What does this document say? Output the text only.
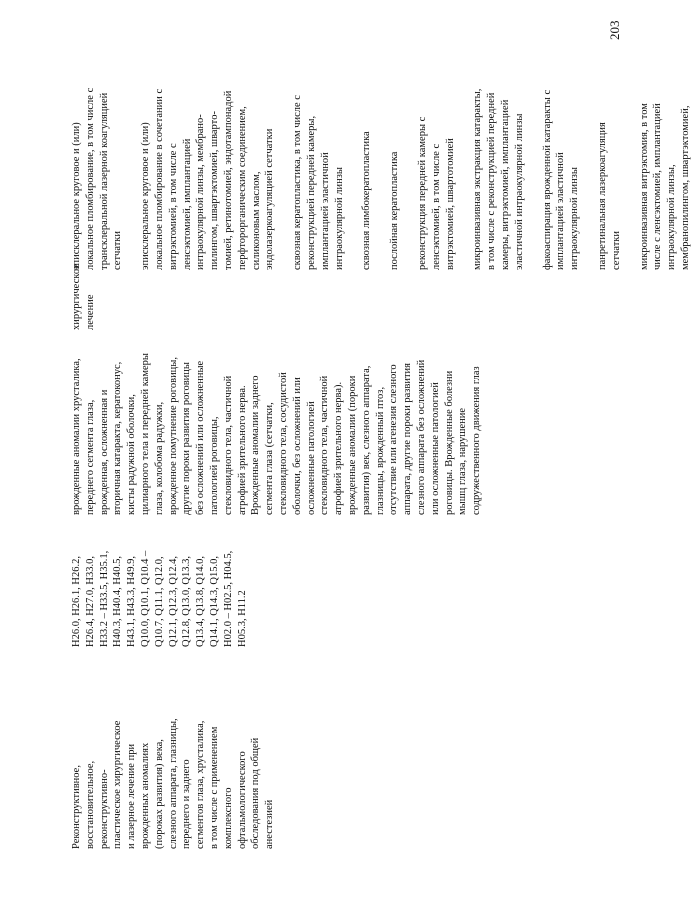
203
Реконструктивное, восстановительное, реконструктивно- пластическое хирургическое и лазерное лечение при врожденных аномалиях (пороках развития) века, слезного аппарата, глазницы, переднего и заднего сегментов глаза, хрусталика, в том числе с применением комплексного офтальмологического обследования под общей анестезией
Н26.0, Н26.1, Н26.2, Н26.4, Н27.0, Н33.0, Н33.2 – Н33.5, Н35.1, Н40.3, Н40.4, Н40.5, Н43.1, Н43.3, Н49.9, Q10.0, Q10.1, Q10.4 – Q10.7, Q11.1, Q12.0, Q12.1, Q12.3, Q12.4, Q12.8, Q13.0, Q13.3, Q13.4, Q13.8, Q14.0, Q14.1, Q14.3, Q15.0, Н02.0 – Н02.5, Н04.5, Н05.3, Н11.2
врожденные аномалии хрусталика, переднего сегмента глаза, врожденная, осложненная и вторичная катаракта, кератоконус, кисты радужной оболочки, цилиарного тела и передней камеры глаза, колобома радужки, врожденное помутнение роговицы, другие пороки развития роговицы без осложнений или осложненные патологией роговицы, стекловидного тела, частичной атрофией зрительного нерва. Врожденные аномалии заднего сегмента глаза (сетчатки, стекловидного тела, сосудистой оболочки, без осложнений или осложненные патологией стекловидного тела, частичной атрофией зрительного нерва). врожденные аномалии (пороки развития) век, слезного аппарата, глазницы, врожденный птоз, отсутствие или агенезия слезного аппарата, другие пороки развития слезного аппарата без осложнений или осложненные патологией роговицы. Врожденные болезни мышц глаза, нарушение содружественного движения глаз
хирургическое лечение
эписклеральное круговое и (или) локальное пломбирование, в том числе с трансклеральной лазерной коагуляцией сетчатки эписклеральное круговое и (или) локальное пломбирование в сочетании с витрэктомией, в том числе с ленсэктомией, имплантацией интраокулярной линзы, мембрано- пилингом, швартэктомией, швартo- томией, ретинотомией, эндотампонадой перфторорганическим соединением, силиконовым маслом, эндолазеркоагуляцией сетчатки сквозная кератопластика, в том числе с реконструкцией передней камеры, имплантацией эластичной интраокулярной линзы сквозная лимбокератопластика послойная кератопластика реконструкция передней камеры с ленсэктомией, в том числе с витрэктомией, швартотомией микроинвазивная экстракция катаракты, в том числе с реконструкцией передней камеры, витрэктомией, имплантацией эластичной интраокулярной линзы факоаспирация врожденной катаракты с имплантацией эластичной интраокулярной линзы панретинальная лазеркоагуляция сетчатки микроинвазивная витрэктомия, в том числе с ленсэктомией, имплантацией интраокулярной линзы, мембранопилингом, швартэктомией,
